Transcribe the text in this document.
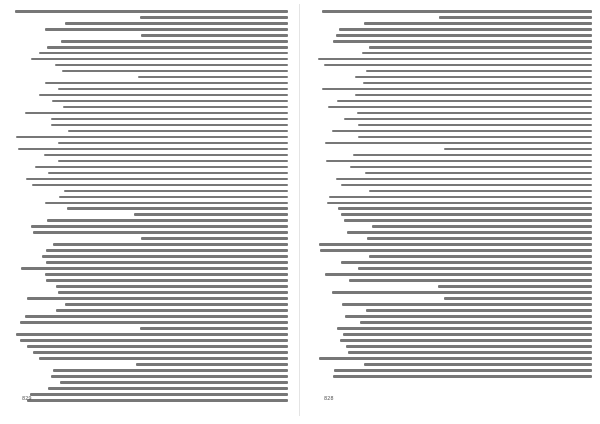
829	828
